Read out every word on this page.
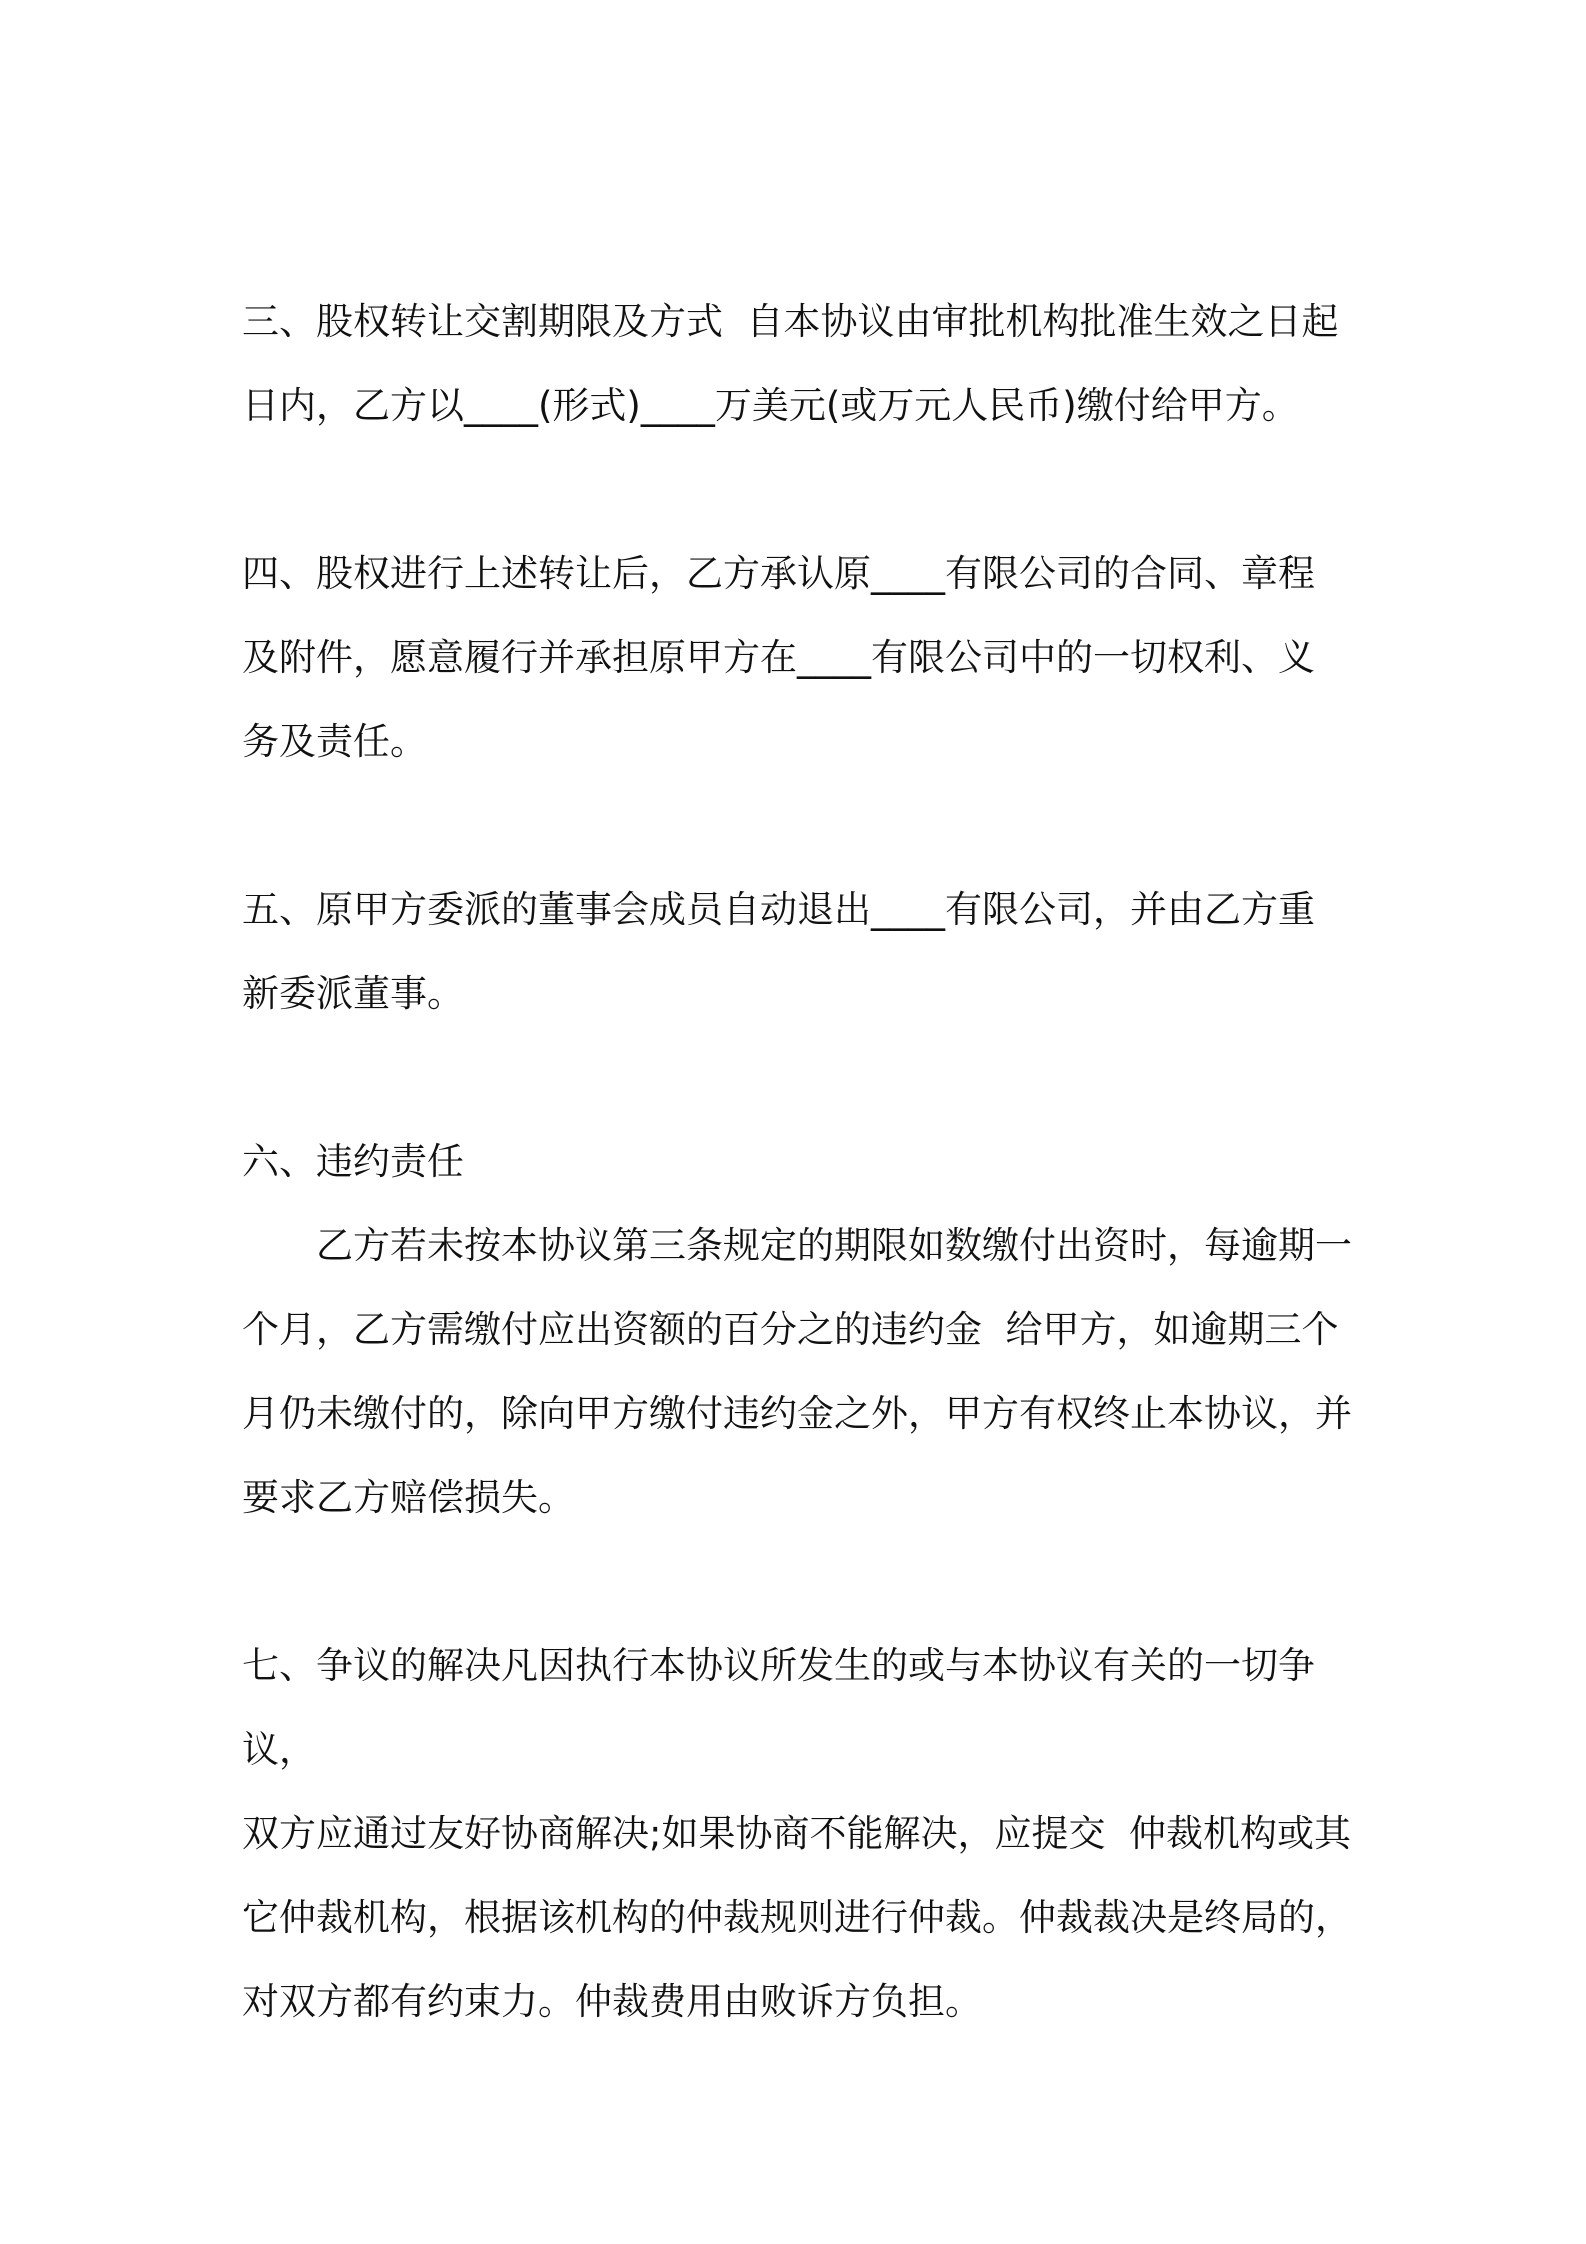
三、股权转让交割期限及方式  自本协议由审批机构批准生效之日起
日内，乙方以____(形式)____万美元(或万元人民币)缴付给甲方。
四、股权进行上述转让后，乙方承认原____有限公司的合同、章程
及附件，愿意履行并承担原甲方在____有限公司中的一切权利、义
务及责任。
五、原甲方委派的董事会成员自动退出____有限公司，并由乙方重
新委派董事。
六、违约责任
乙方若未按本协议第三条规定的期限如数缴付出资时，每逾期一
个月，乙方需缴付应出资额的百分之的违约金  给甲方，如逾期三个
月仍未缴付的，除向甲方缴付违约金之外，甲方有权终止本协议，并
要求乙方赔偿损失。
七、争议的解决凡因执行本协议所发生的或与本协议有关的一切争议，
双方应通过友好协商解决;如果协商不能解决，应提交  仲裁机构或其
它仲裁机构，根据该机构的仲裁规则进行仲裁。仲裁裁决是终局的，
对双方都有约束力。仲裁费用由败诉方负担。
